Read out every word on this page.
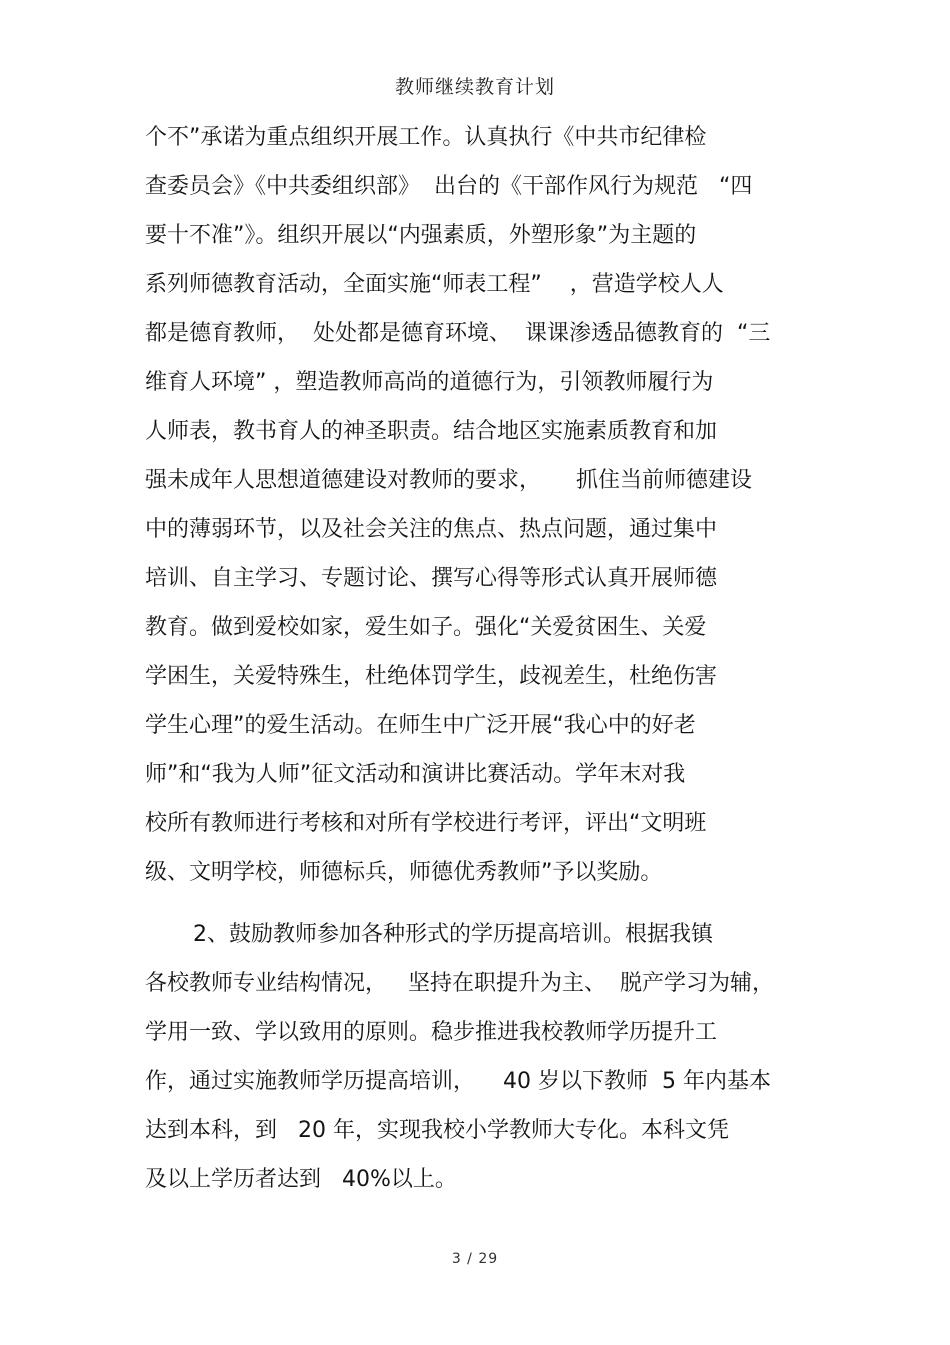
教师继续教育计划
个不”承诺为重点组织开展工作。认真执行《中共市纪律检
查委员会》《中共委组织部》  出台的《干部作风行为规范   “四
要十不准”》。组织开展以“内强素质，外塑形象”为主题的
系列师德教育活动，全面实施“师表工程”    ，营造学校人人
都是德育教师，  处处都是德育环境、  课课渗透品德教育的  “三
维育人环境” ，塑造教师高尚的道德行为，引领教师履行为
人师表，教书育人的神圣职责。结合地区实施素质教育和加
强未成年人思想道德建设对教师的要求，     抓住当前师德建设
中的薄弱环节，以及社会关注的焦点、热点问题，通过集中
培训、自主学习、专题讨论、撰写心得等形式认真开展师德
教育。做到爱校如家，爱生如子。强化“关爱贫困生、关爱
学困生，关爱特殊生，杜绝体罚学生，歧视差生，杜绝伤害
学生心理”的爱生活动。在师生中广泛开展“我心中的好老
师”和“我为人师”征文活动和演讲比赛活动。学年末对我
校所有教师进行考核和对所有学校进行考评，评出“文明班
级、文明学校，师德标兵，师德优秀教师”予以奖励。
2、鼓励教师参加各种形式的学历提高培训。根据我镇
各校教师专业结构情况，   坚持在职提升为主、  脱产学习为辅，
学用一致、学以致用的原则。稳步推进我校教师学历提升工
作，通过实施教师学历提高培训，    40 岁以下教师  5 年内基本
达到本科，到   20 年，实现我校小学教师大专化。本科文凭
及以上学历者达到   40%以上。
3 / 29
